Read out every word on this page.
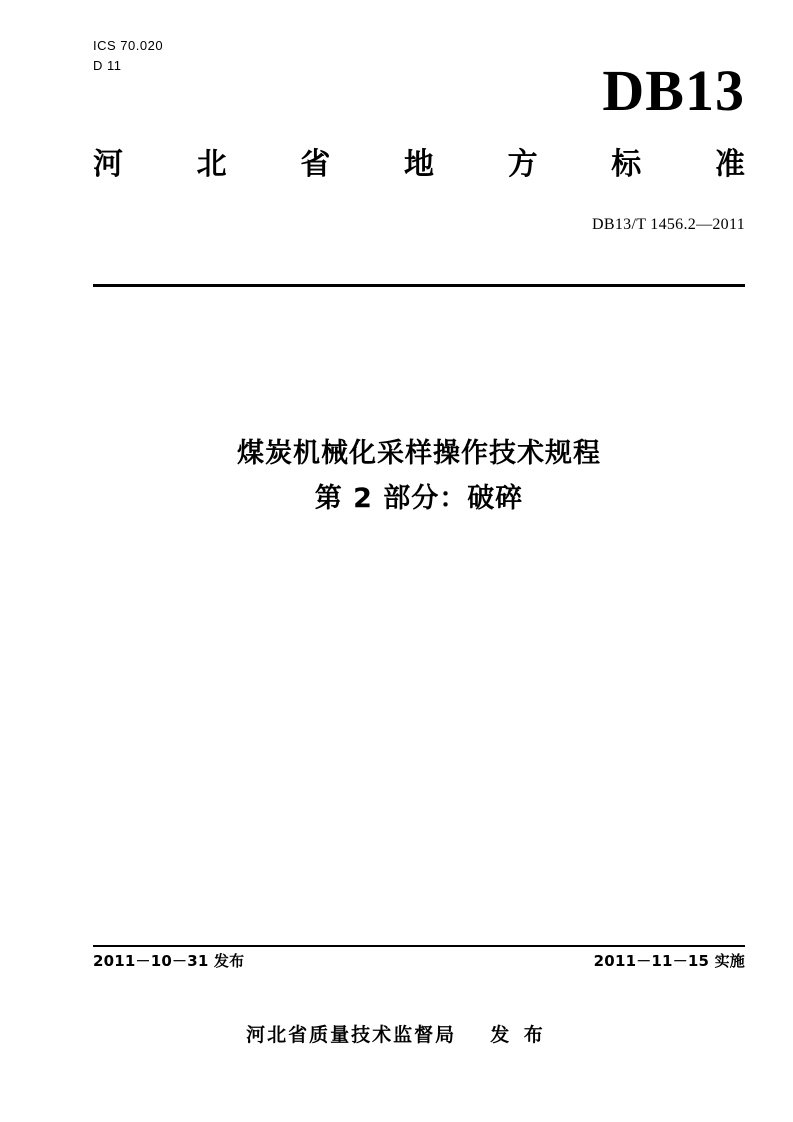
ICS 70.020
D 11	DB13
河 北 省 地 方 标 准
DB13/T 1456.2—2011
煤炭机械化采样操作技术规程
第 2 部分：破碎
2011－10－31 发布	2011－11－15 实施
河北省质量技术监督局 发 布
